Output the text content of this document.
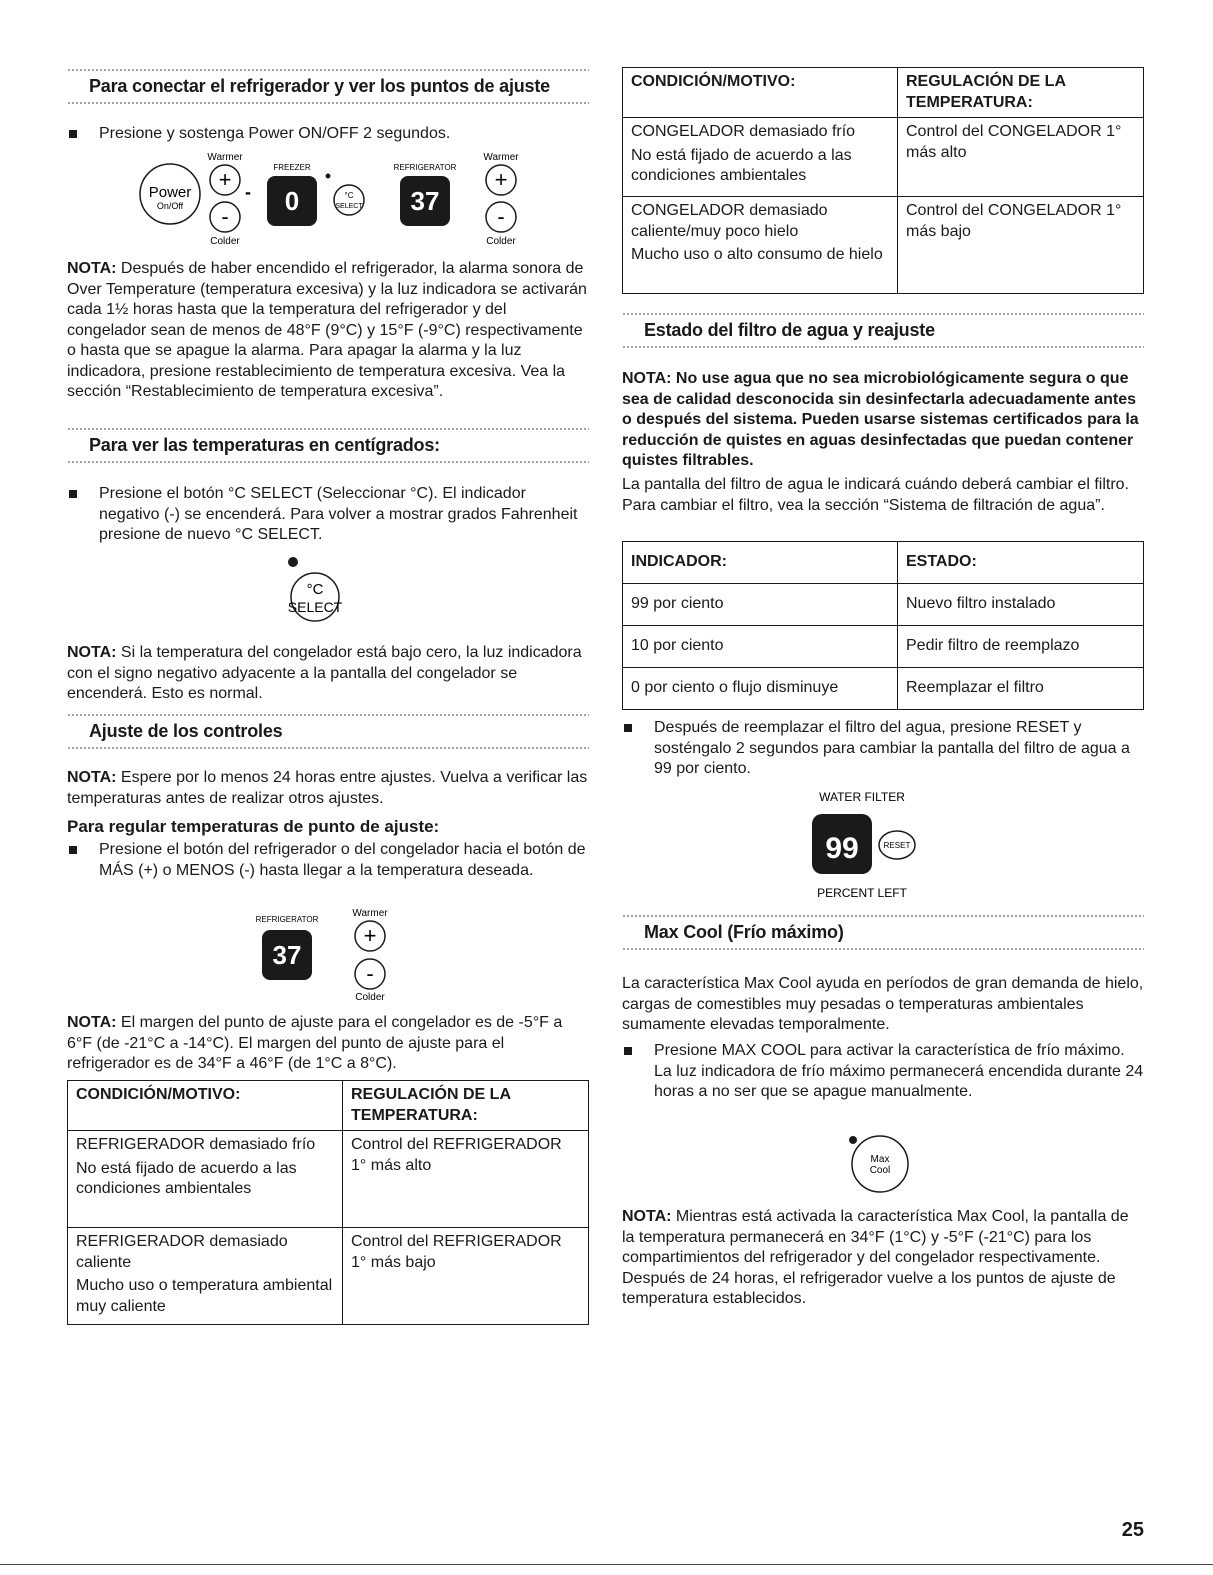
Para conectar el refrigerador y ver los puntos de ajuste
Presione y sostenga Power ON/OFF 2 segundos.
Power
On/Off
Warmer
+ -
-
Colder
FREEZER
0	°C
SELECT
REFRIGERATOR
37
Warmer
+
-
Colder

NOTA: Después de haber encendido el refrigerador, la alarma sonora de Over Temperature (temperatura excesiva) y la luz indicadora se activarán cada 1½ horas hasta que la temperatura del refrigerador y del congelador sean de menos de 48°F (9°C) y 15°F (-9°C) respectivamente o hasta que se apague la alarma. Para apagar la alarma y la luz indicadora, presione restablecimiento de temperatura excesiva. Vea la sección “Restablecimiento de temperatura excesiva”.

Para ver las temperaturas en centígrados:
Presione el botón °C SELECT (Seleccionar °C). El indicador negativo (-) se encenderá. Para volver a mostrar grados Fahrenheit presione de nuevo °C SELECT.
°C
SELECT

NOTA: Si la temperatura del congelador está bajo cero, la luz indicadora con el signo negativo adyacente a la pantalla del congelador se encenderá. Esto es normal.

Ajuste de los controles

NOTA: Espere por lo menos 24 horas entre ajustes. Vuelva a verificar las temperaturas antes de realizar otros ajustes.

Para regular temperaturas de punto de ajuste:
Presione el botón del refrigerador o del congelador hacia el botón de MÁS (+) o MENOS (-) hasta llegar a la temperatura deseada.
REFRIGERATOR
Warmer
37
+
-
Colder

NOTA: El margen del punto de ajuste para el congelador es de -5°F a 6°F (de -21°C a -14°C). El margen del punto de ajuste para el refrigerador es de 34°F a 46°F (de 1°C a 8°C).

CONDICIÓN/MOTIVO:	REGULACIÓN DE LA TEMPERATURA:

REFRIGERADOR demasiado frío
No está fijado de acuerdo a las condiciones ambientales	Control del REFRIGERADOR 1° más alto

REFRIGERADOR demasiado caliente
Mucho uso o temperatura ambiental muy caliente	Control del REFRIGERADOR 1° más bajo
CONDICIÓN/MOTIVO:	REGULACIÓN DE LA TEMPERATURA:

CONGELADOR demasiado frío
No está fijado de acuerdo a las condiciones ambientales	Control del CONGELADOR 1° más alto

CONGELADOR demasiado caliente/muy poco hielo
Mucho uso o alto consumo de hielo	Control del CONGELADOR 1° más bajo
Estado del filtro de agua y reajuste

NOTA: No use agua que no sea microbiológicamente segura o que sea de calidad desconocida sin desinfectarla adecuadamente antes o después del sistema. Pueden usarse sistemas certificados para la reducción de quistes en aguas desinfectadas que puedan contener quistes filtrables.

La pantalla del filtro de agua le indicará cuándo deberá cambiar el filtro. Para cambiar el filtro, vea la sección “Sistema de filtración de agua”.

INDICADOR:	ESTADO:
99 por ciento	Nuevo filtro instalado
10 por ciento	Pedir filtro de reemplazo
0 por ciento o flujo disminuye	Reemplazar el filtro
Después de reemplazar el filtro del agua, presione RESET y sosténgalo 2 segundos para cambiar la pantalla del filtro de agua a 99 por ciento.
WATER FILTER
99	RESET
PERCENT LEFT
Max Cool (Frío máximo)

La característica Max Cool ayuda en períodos de gran demanda de hielo, cargas de comestibles muy pesadas o temperaturas ambientales sumamente elevadas temporalmente.

Presione MAX COOL para activar la característica de frío máximo. La luz indicadora de frío máximo permanecerá encendida durante 24 horas a no ser que se apague manualmente.
Max
Cool

NOTA: Mientras está activada la característica Max Cool, la pantalla de la temperatura permanecerá en 34°F (1°C) y -5°F (-21°C) para los compartimientos del refrigerador y del congelador respectivamente. Después de 24 horas, el refrigerador vuelve a los puntos de ajuste de temperatura establecidos.

25
